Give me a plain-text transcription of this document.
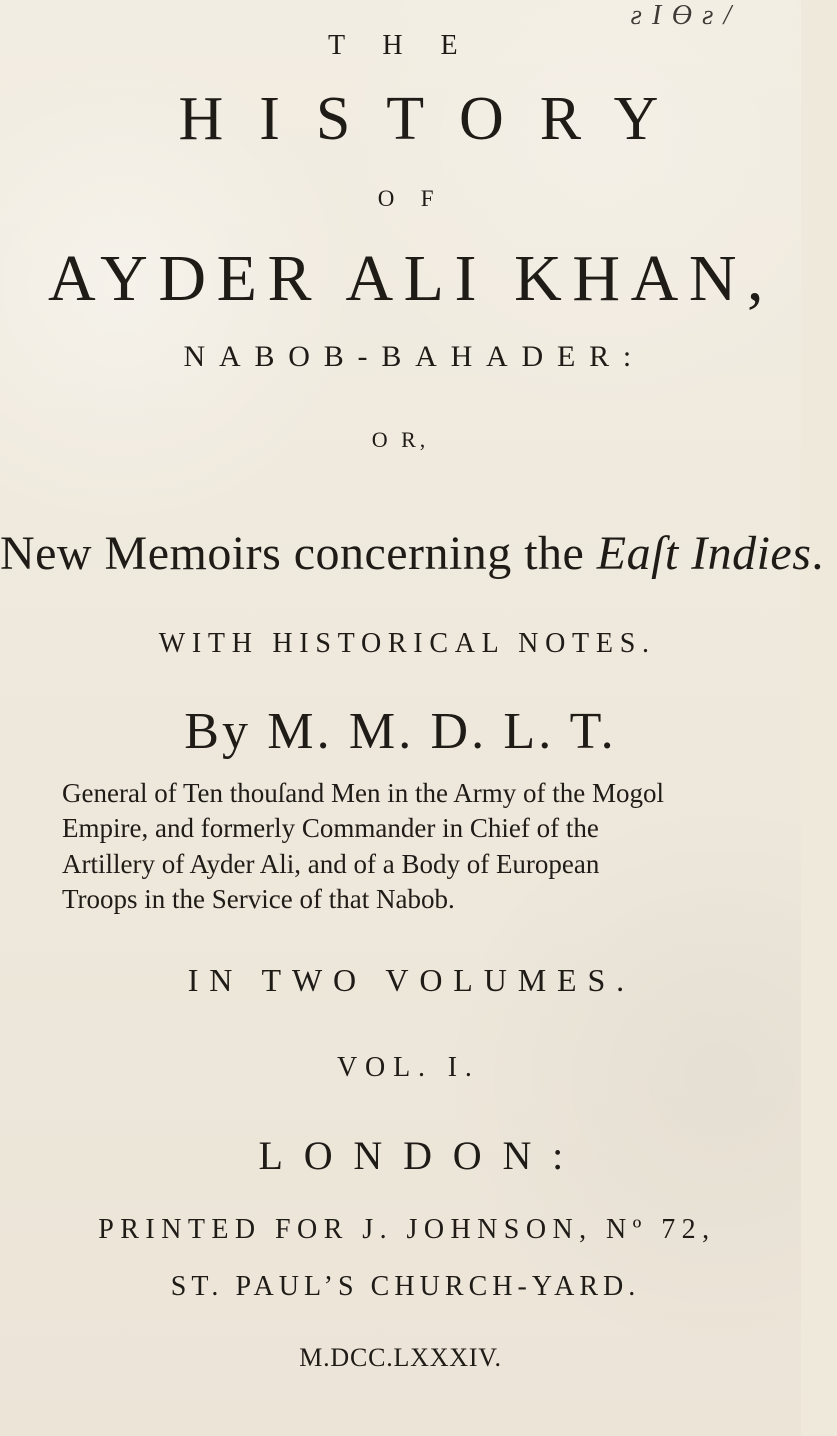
ƨ I Ɵ ƨ /
T H E
HISTORY
O F
AYDER ALI KHAN,
NABOB-BAHADER:
O R,
New Memoirs concerning the Eaſt Indies.
WITH HISTORICAL NOTES.
By M. M. D. L. T.
General of Ten thouſand Men in the Army of the Mogol
Empire, and formerly Commander in Chief of the
Artillery of Ayder Ali, and of a Body of European
Troops in the Service of that Nabob.
IN TWO VOLUMES.
VOL. I.
LONDON:
PRINTED FOR J. JOHNSON, Nº 72,
ST. PAUL’S CHURCH-YARD.
M.DCC.LXXXIV.
